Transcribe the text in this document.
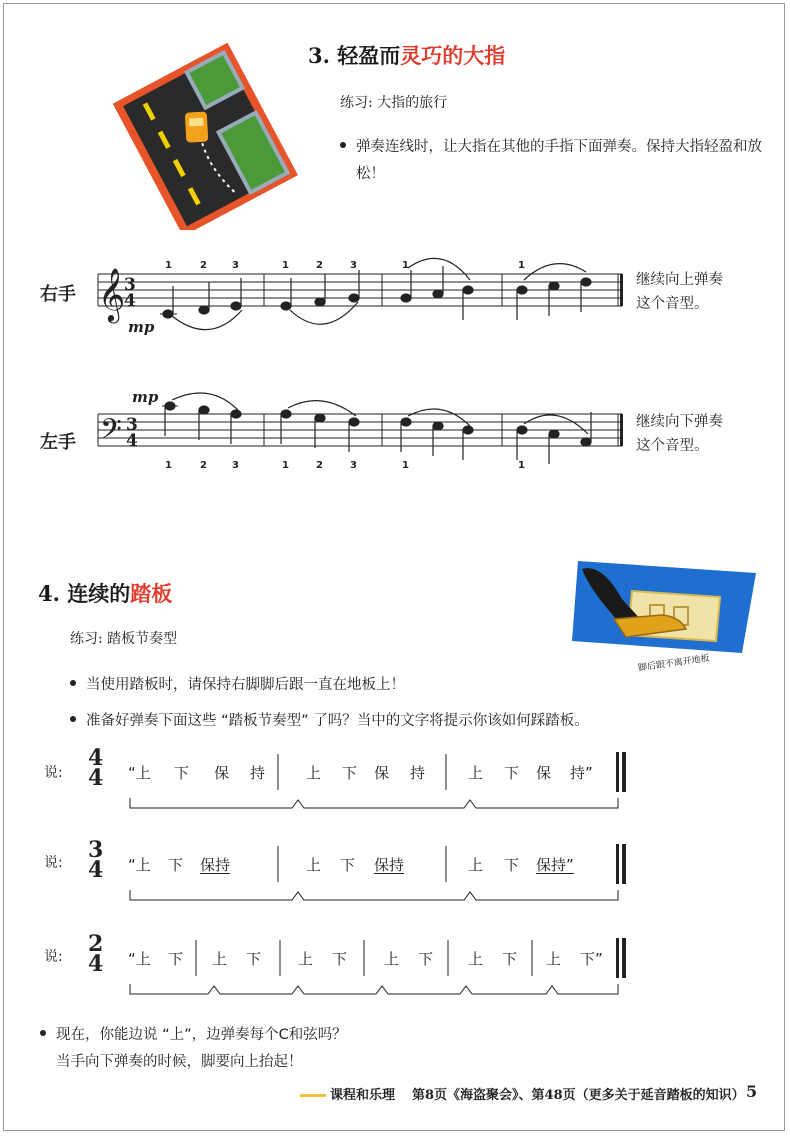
3. 轻盈而灵巧的大指
练习: 大指的旅行
弹奏连线时，让大指在其他的手指下面弹奏。保持大指轻盈和放松！
右手 𝄞
3
4
mp
1	2	3	1	2	3	1	1
继续向上弹奏
这个音型。
左手 𝄢 3
4
mp
1	2	3	1	2	3	1	1
继续向下弹奏
这个音型。
4. 连续的踏板
练习: 踏板节奏型
脚后跟不离开地板
当使用踏板时，请保持右脚脚后跟一直在地板上！
准备好弹奏下面这些 “踏板节奏型” 了吗？当中的文字将提示你该如何踩踏板。
说:
4
4 “上 下 保 持	上 下 保 持	上 下 保 持”
说: 3
4 “上 下 保持	上 下 保持	上 下 保持”
说: 2
4 “上 下 上 下 上 下 上 下 上 下 上 下”
现在，你能边说 “上”，边弹奏每个C和弦吗？
当手向下弹奏的时候，脚要向上抬起！
课程和乐理 第8页《海盗聚会》、第48页（更多关于延音踏板的知识） 5
